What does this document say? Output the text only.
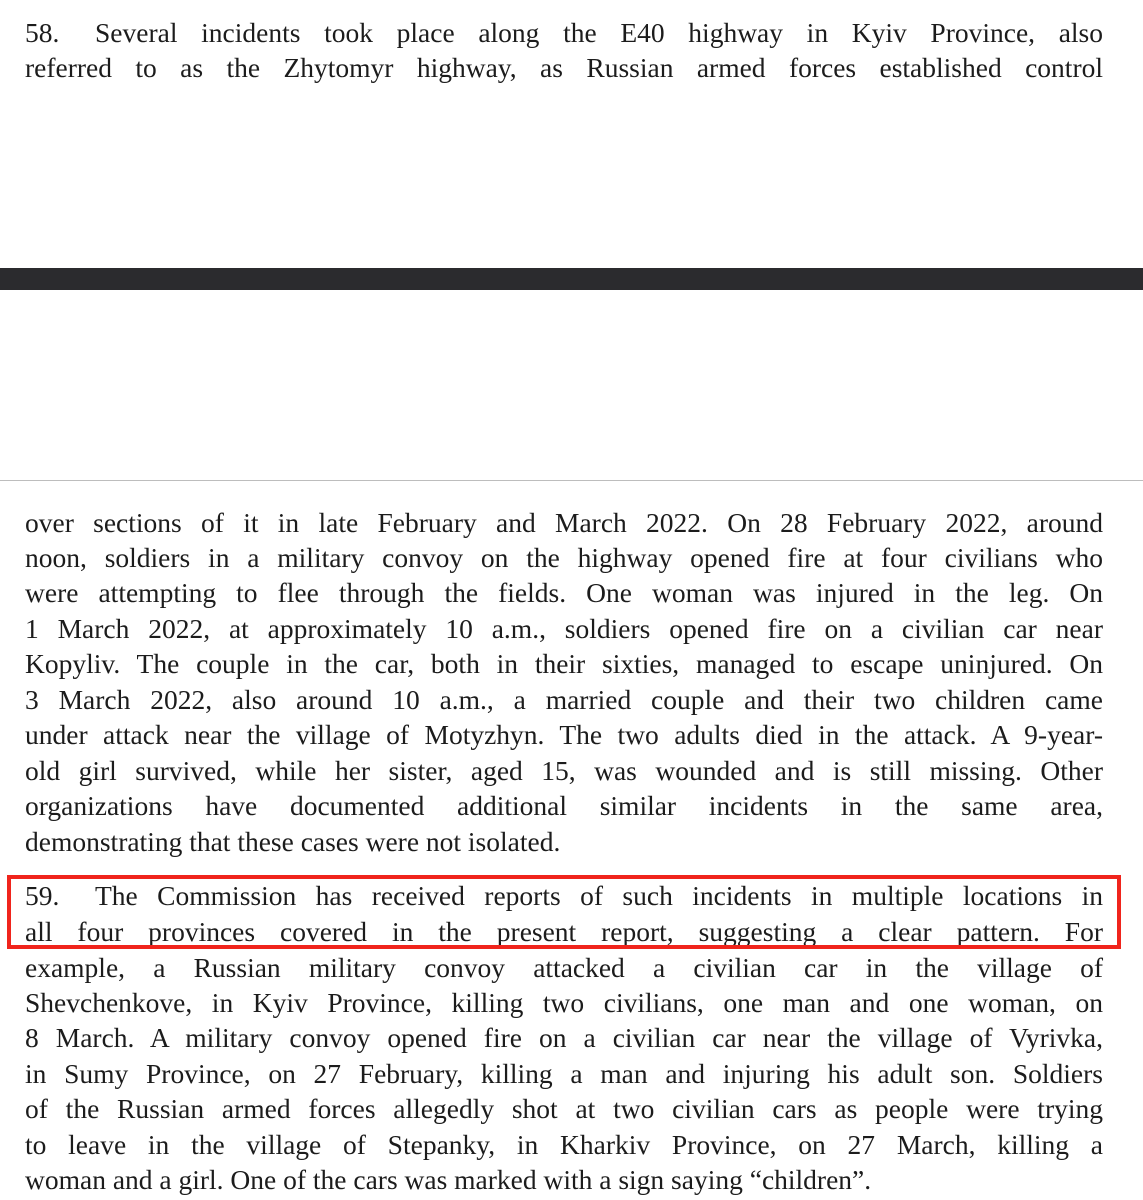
58. Several incidents took place along the E40 highway in Kyiv Province, also
referred to as the Zhytomyr highway, as Russian armed forces established control
over sections of it in late February and March 2022. On 28 February 2022, around
noon, soldiers in a military convoy on the highway opened fire at four civilians who
were attempting to flee through the fields. One woman was injured in the leg. On
1 March 2022, at approximately 10 a.m., soldiers opened fire on a civilian car near
Kopyliv. The couple in the car, both in their sixties, managed to escape uninjured. On
3 March 2022, also around 10 a.m., a married couple and their two children came
under attack near the village of Motyzhyn. The two adults died in the attack. A 9-year-
old girl survived, while her sister, aged 15, was wounded and is still missing. Other
organizations have documented additional similar incidents in the same area,
demonstrating that these cases were not isolated.
59. The Commission has received reports of such incidents in multiple locations in
all four provinces covered in the present report, suggesting a clear pattern. For
example, a Russian military convoy attacked a civilian car in the village of
Shevchenkove, in Kyiv Province, killing two civilians, one man and one woman, on
8 March. A military convoy opened fire on a civilian car near the village of Vyrivka,
in Sumy Province, on 27 February, killing a man and injuring his adult son. Soldiers
of the Russian armed forces allegedly shot at two civilian cars as people were trying
to leave in the village of Stepanky, in Kharkiv Province, on 27 March, killing a
woman and a girl. One of the cars was marked with a sign saying “children”.
